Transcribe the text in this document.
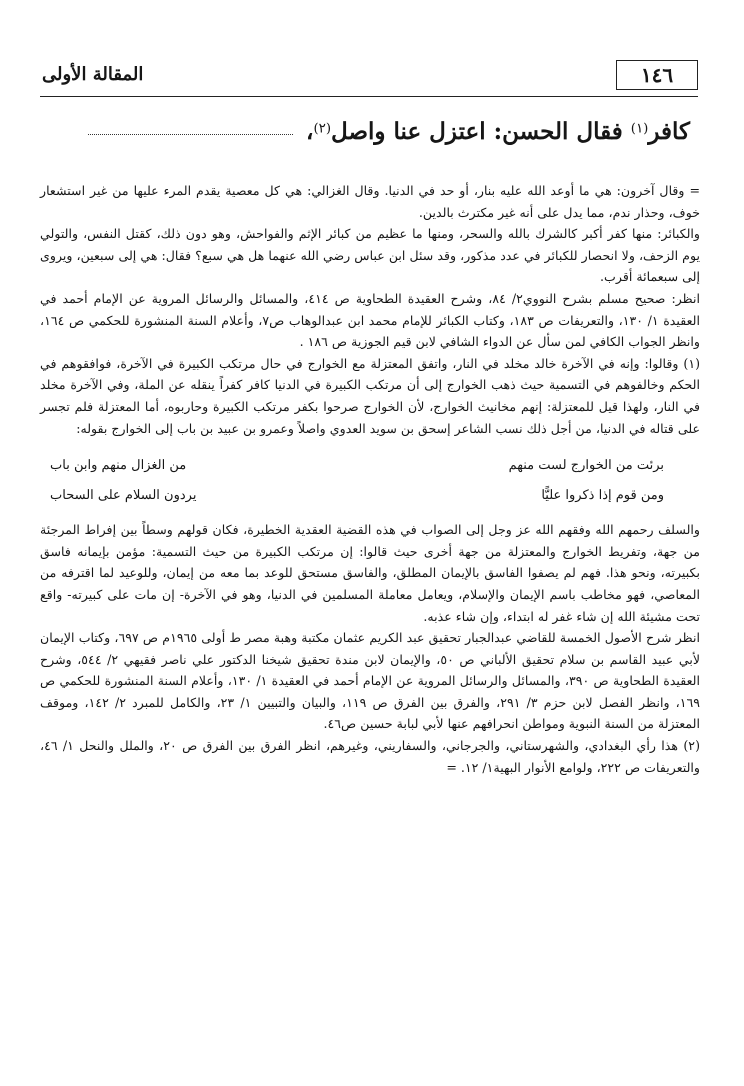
١٤٦
المقالة الأولى
كافر$^{(١)}$ فقال الحسن: اعتزل عنا واصل$^{(٢)}$،

= وقال آخرون: هي ما أوعد الله عليه بنار، أو حد في الدنيا. وقال الغزالي: هي كل معصية يقدم المرء عليها من غير استشعار خوف، وحذار ندم، مما يدل على أنه غير مكترث بالدين.

والكبائر: منها كفر أكبر كالشرك بالله والسحر، ومنها ما عظيم من كبائر الإثم والفواحش، وهو دون ذلك، كقتل النفس، والتولي يوم الزحف، ولا انحصار للكبائر في عدد مذكور، وقد سئل ابن عباس رضي الله عنهما هل هي سبع؟ فقال: هي إلى سبعين، ويروى إلى سبعمائة أقرب.

انظر: صحيح مسلم بشرح النووي٢/ ٨٤، وشرح العقيدة الطحاوية ص ٤١٤، والمسائل والرسائل المروية عن الإمام أحمد في العقيدة ١/ ١٣٠، والتعريفات ص ١٨٣، وكتاب الكبائر للإمام محمد ابن عبدالوهاب ص٧، وأعلام السنة المنشورة للحكمي ص ١٦٤، وانظر الجواب الكافي لمن سأل عن الدواء الشافي لابن قيم الجوزية ص ١٨٦ .

(١) وقالوا: وإنه في الآخرة خالد مخلد في النار، واتفق المعتزلة مع الخوارج في حال مرتكب الكبيرة في الآخرة، فوافقوهم في الحكم وخالفوهم في التسمية حيث ذهب الخوارج إلى أن مرتكب الكبيرة في الدنيا كافر كفراً ينقله عن الملة، وفي الآخرة مخلد في النار، ولهذا قيل للمعتزلة: إنهم مخانيث الخوارج، لأن الخوارج صرحوا بكفر مرتكب الكبيرة وحاربوه، أما المعتزلة فلم تجسر على قتاله في الدنيا، من أجل ذلك نسب الشاعر إسحق بن سويد العدوي واصلاً وعمرو بن عبيد بن باب إلى الخوارج بقوله:

برئت من الخوارج لست منهم
من الغزال منهم وابن باب
ومن قوم إذا ذكروا عليًّا
يردون السلام على السحاب

والسلف رحمهم الله وفقهم الله عز وجل إلى الصواب في هذه القضية العقدية الخطيرة، فكان قولهم وسطاً بين إفراط المرجئة من جهة، وتفريط الخوارج والمعتزلة من جهة أخرى حيث قالوا: إن مرتكب الكبيرة من حيث التسمية: مؤمن بإيمانه فاسق بكبيرته، ونحو هذا. فهم لم يصفوا الفاسق بالإيمان المطلق، والفاسق مستحق للوعد بما معه من إيمان، وللوعيد لما اقترفه من المعاصي، فهو مخاطب باسم الإيمان والإسلام، ويعامل معاملة المسلمين في الدنيا، وهو في الآخرة- إن مات على كبيرته- واقع تحت مشيئة الله إن شاء غفر له ابتداء، وإن شاء عذبه.

انظر شرح الأصول الخمسة للقاضي عبدالجبار تحقيق عبد الكريم عثمان مكتبة وهبة مصر ط أولى ١٩٦٥م ص ٦٩٧، وكتاب الإيمان لأبي عبيد القاسم بن سلام تحقيق الألباني ص ٥٠، والإيمان لابن مندة تحقيق شيخنا الدكتور علي ناصر فقيهي ٢/ ٥٤٤، وشرح العقيدة الطحاوية ص ٣٩٠، والمسائل والرسائل المروية عن الإمام أحمد في العقيدة ١/ ١٣٠، وأعلام السنة المنشورة للحكمي ص ١٦٩، وانظر الفصل لابن حزم ٣/ ٢٩١، والفرق بين الفرق ص ١١٩، والبيان والتبيين ١/ ٢٣، والكامل للمبرد ٢/ ١٤٢، وموقف المعتزلة من السنة النبوية ومواطن انحرافهم عنها لأبي لبابة حسين ص٤٦.

(٢) هذا رأي البغدادي، والشهرستاني، والجرجاني، والسفاريني، وغيرهم، انظر الفرق بين الفرق ص ٢٠، والملل والنحل ١/ ٤٦، والتعريفات ص ٢٢٢، ولوامع الأنوار البهية١/ ١٢. =
